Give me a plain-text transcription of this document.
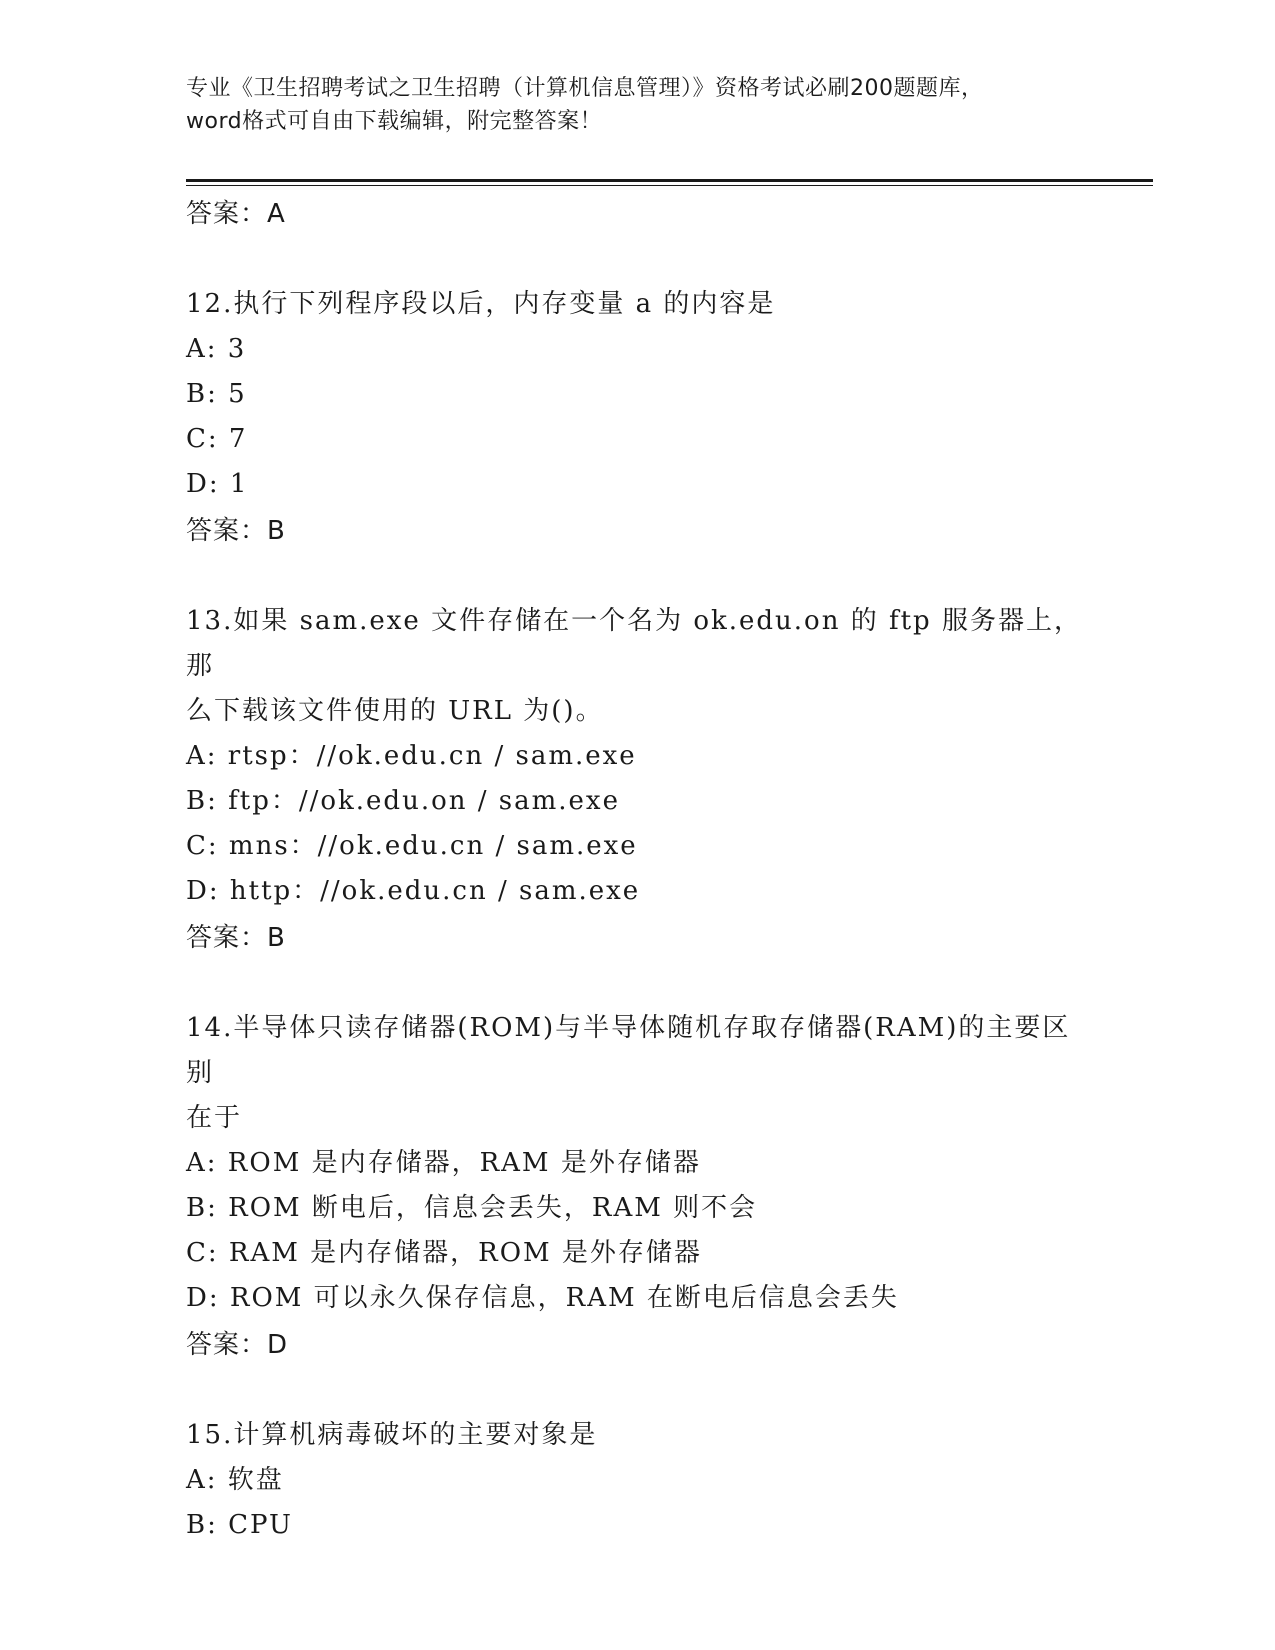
专业《卫生招聘考试之卫生招聘（计算机信息管理）》资格考试必刷200题题库，
word格式可自由下载编辑，附完整答案！
答案：A
12.执行下列程序段以后，内存变量 a 的内容是
A: 3
B: 5
C: 7
D: 1
答案：B
13.如果 sam.exe 文件存储在一个名为 ok.edu.on 的 ftp 服务器上，那
么下载该文件使用的 URL 为()。
A: rtsp：//ok.edu.cn / sam.exe
B: ftp：//ok.edu.on / sam.exe
C: mns：//ok.edu.cn / sam.exe
D: http：//ok.edu.cn / sam.exe
答案：B
14.半导体只读存储器(ROM)与半导体随机存取存储器(RAM)的主要区别
在于
A: ROM 是内存储器，RAM 是外存储器
B: ROM 断电后，信息会丢失，RAM 则不会
C: RAM 是内存储器，ROM 是外存储器
D: ROM 可以永久保存信息，RAM 在断电后信息会丢失
答案：D
15.计算机病毒破坏的主要对象是
A: 软盘
B: CPU
